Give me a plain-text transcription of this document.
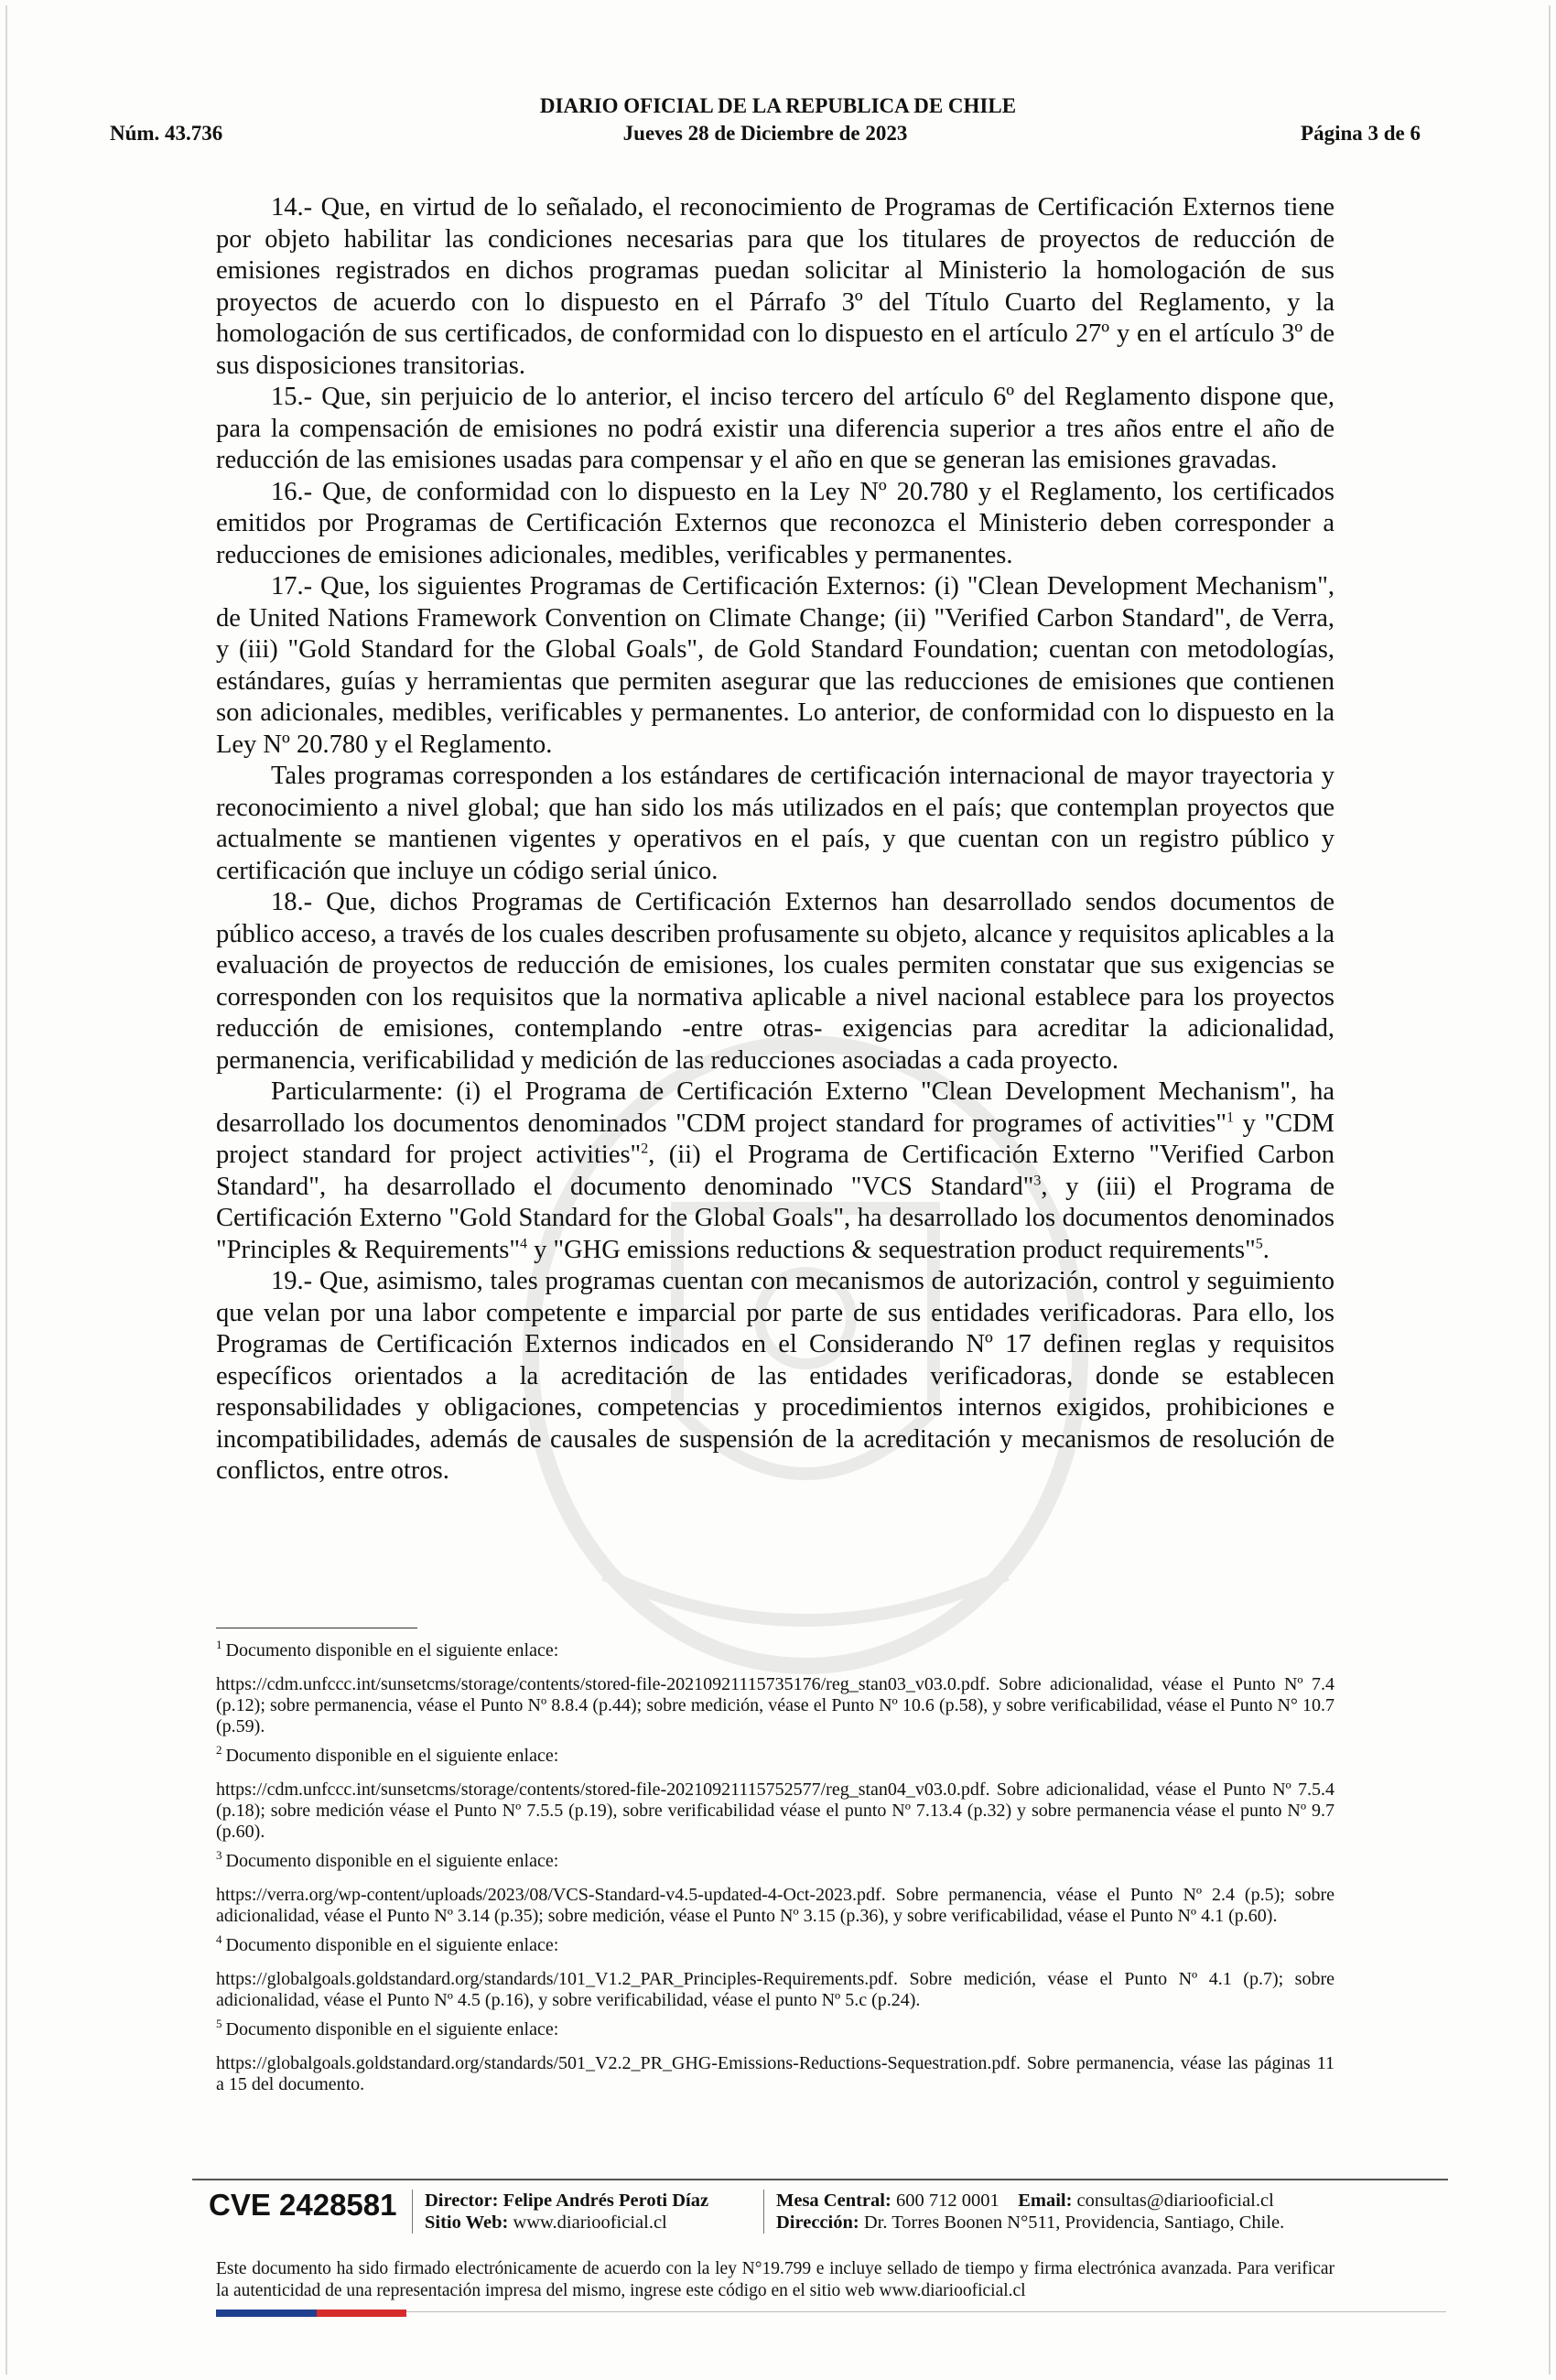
DIARIO OFICIAL DE LA REPUBLICA DE CHILE
Núm. 43.736	Jueves 28 de Diciembre de 2023	Página 3 de 6

14.- Que, en virtud de lo señalado, el reconocimiento de Programas de Certificación Externos tiene por objeto habilitar las condiciones necesarias para que los titulares de proyectos de reducción de emisiones registrados en dichos programas puedan solicitar al Ministerio la homologación de sus proyectos de acuerdo con lo dispuesto en el Párrafo 3º del Título Cuarto del Reglamento, y la homologación de sus certificados, de conformidad con lo dispuesto en el artículo 27º y en el artículo 3º de sus disposiciones transitorias.

15.- Que, sin perjuicio de lo anterior, el inciso tercero del artículo 6º del Reglamento dispone que, para la compensación de emisiones no podrá existir una diferencia superior a tres años entre el año de reducción de las emisiones usadas para compensar y el año en que se generan las emisiones gravadas.

16.- Que, de conformidad con lo dispuesto en la Ley Nº 20.780 y el Reglamento, los certificados emitidos por Programas de Certificación Externos que reconozca el Ministerio deben corresponder a reducciones de emisiones adicionales, medibles, verificables y permanentes.

17.- Que, los siguientes Programas de Certificación Externos: (i) "Clean Development Mechanism", de United Nations Framework Convention on Climate Change; (ii) "Verified Carbon Standard", de Verra, y (iii) "Gold Standard for the Global Goals", de Gold Standard Foundation; cuentan con metodologías, estándares, guías y herramientas que permiten asegurar que las reducciones de emisiones que contienen son adicionales, medibles, verificables y permanentes. Lo anterior, de conformidad con lo dispuesto en la Ley Nº 20.780 y el Reglamento.

Tales programas corresponden a los estándares de certificación internacional de mayor trayectoria y reconocimiento a nivel global; que han sido los más utilizados en el país; que contemplan proyectos que actualmente se mantienen vigentes y operativos en el país, y que cuentan con un registro público y certificación que incluye un código serial único.

18.- Que, dichos Programas de Certificación Externos han desarrollado sendos documentos de público acceso, a través de los cuales describen profusamente su objeto, alcance y requisitos aplicables a la evaluación de proyectos de reducción de emisiones, los cuales permiten constatar que sus exigencias se corresponden con los requisitos que la normativa aplicable a nivel nacional establece para los proyectos reducción de emisiones, contemplando -entre otras- exigencias para acreditar la adicionalidad, permanencia, verificabilidad y medición de las reducciones asociadas a cada proyecto.

Particularmente: (i) el Programa de Certificación Externo "Clean Development Mechanism", ha desarrollado los documentos denominados "CDM project standard for programes of activities"$^1$ y "CDM project standard for project activities"$^2$, (ii) el Programa de Certificación Externo "Verified Carbon Standard", ha desarrollado el documento denominado "VCS Standard"$^3$, y (iii) el Programa de Certificación Externo "Gold Standard for the Global Goals", ha desarrollado los documentos denominados "Principles & Requirements"$^4$ y "GHG emissions reductions & sequestration product requirements"$^5$.

19.- Que, asimismo, tales programas cuentan con mecanismos de autorización, control y seguimiento que velan por una labor competente e imparcial por parte de sus entidades verificadoras. Para ello, los Programas de Certificación Externos indicados en el Considerando Nº 17 definen reglas y requisitos específicos orientados a la acreditación de las entidades verificadoras, donde se establecen responsabilidades y obligaciones, competencias y procedimientos internos exigidos, prohibiciones e incompatibilidades, además de causales de suspensión de la acreditación y mecanismos de resolución de conflictos, entre otros.

$^1$ Documento disponible en el siguiente enlace:
https://cdm.unfccc.int/sunsetcms/storage/contents/stored-file-20210921115735176/reg_stan03_v03.0.pdf. Sobre adicionalidad, véase el Punto Nº 7.4 (p.12); sobre permanencia, véase el Punto Nº 8.8.4 (p.44); sobre medición, véase el Punto Nº 10.6 (p.58), y sobre verificabilidad, véase el Punto N° 10.7 (p.59).
$^2$ Documento disponible en el siguiente enlace:
https://cdm.unfccc.int/sunsetcms/storage/contents/stored-file-20210921115752577/reg_stan04_v03.0.pdf. Sobre adicionalidad, véase el Punto Nº 7.5.4 (p.18); sobre medición véase el Punto Nº 7.5.5 (p.19), sobre verificabilidad véase el punto Nº 7.13.4 (p.32) y sobre permanencia véase el punto Nº 9.7 (p.60).
$^3$ Documento disponible en el siguiente enlace:
https://verra.org/wp-content/uploads/2023/08/VCS-Standard-v4.5-updated-4-Oct-2023.pdf. Sobre permanencia, véase el Punto Nº 2.4 (p.5); sobre adicionalidad, véase el Punto Nº 3.14 (p.35); sobre medición, véase el Punto Nº 3.15 (p.36), y sobre verificabilidad, véase el Punto Nº 4.1 (p.60).
$^4$ Documento disponible en el siguiente enlace:
https://globalgoals.goldstandard.org/standards/101_V1.2_PAR_Principles-Requirements.pdf. Sobre medición, véase el Punto Nº 4.1 (p.7); sobre adicionalidad, véase el Punto Nº 4.5 (p.16), y sobre verificabilidad, véase el punto Nº 5.c (p.24).
$^5$ Documento disponible en el siguiente enlace:
https://globalgoals.goldstandard.org/standards/501_V2.2_PR_GHG-Emissions-Reductions-Sequestration.pdf. Sobre permanencia, véase las páginas 11 a 15 del documento.
CVE 2428581 Director: Felipe Andrés Peroti Díaz
Sitio Web: www.diariooficial.cl
Mesa Central: 600 712 0001 Email: consultas@diariooficial.cl
Dirección: Dr. Torres Boonen N°511, Providencia, Santiago, Chile.
Este documento ha sido firmado electrónicamente de acuerdo con la ley N°19.799 e incluye sellado de tiempo y firma electrónica avanzada. Para verificar la autenticidad de una representación impresa del mismo, ingrese este código en el sitio web www.diariooficial.cl
